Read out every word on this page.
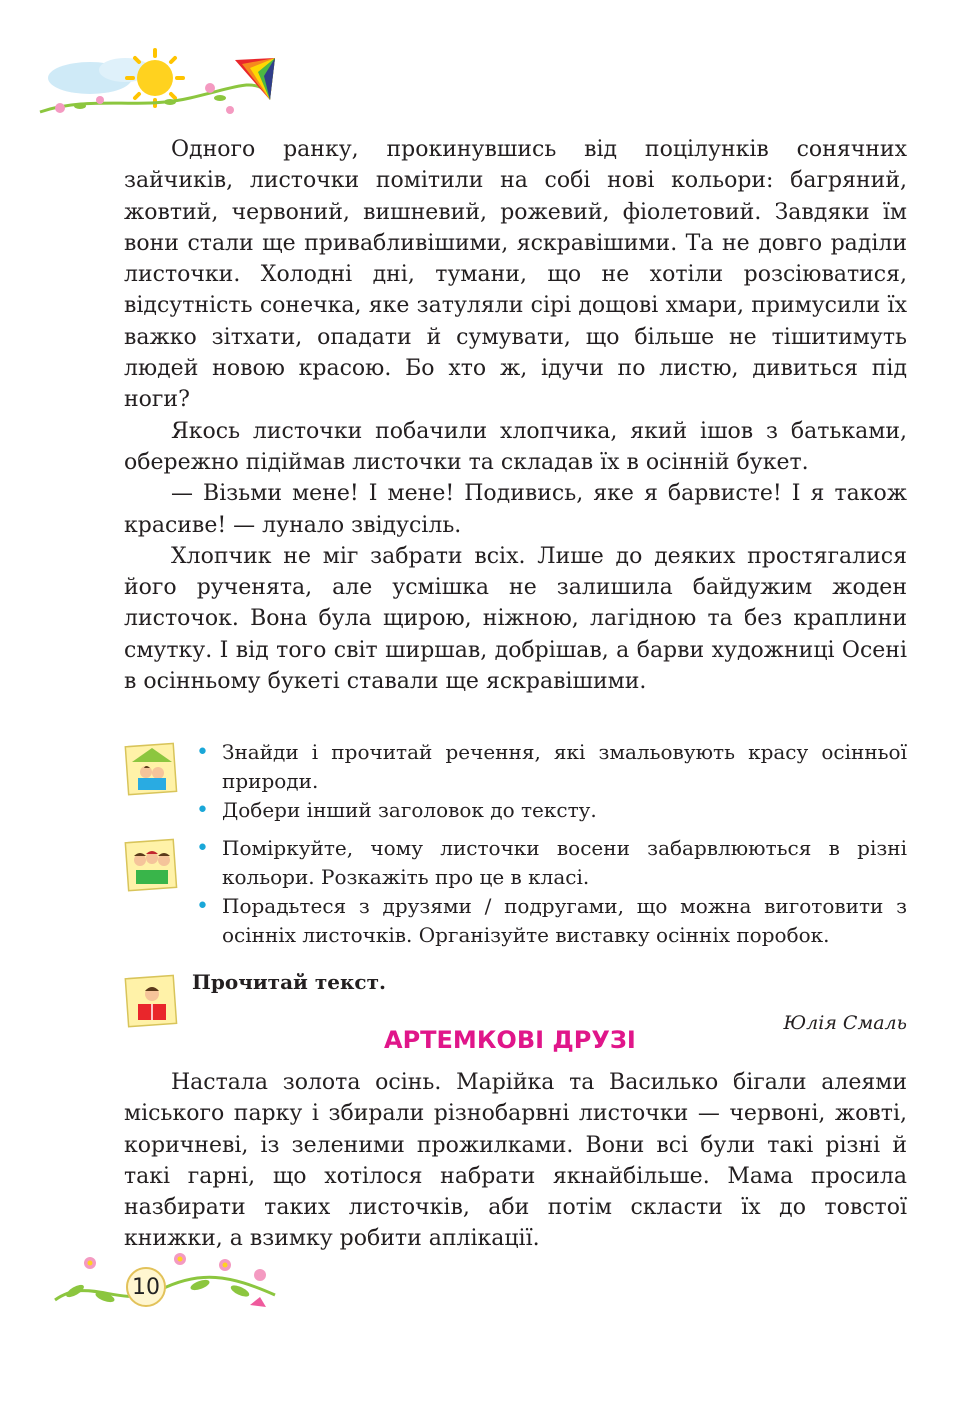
Одного ранку, прокинувшись від поцілунків сонячних зайчиків, листочки помітили на собі нові кольори: багряний, жовтий, червоний, вишневий, рожевий, фіолетовий. Завдяки їм вони стали ще привабливішими, яскравішими. Та не довго раділи листочки. Холодні дні, тумани, що не хотіли розсіюватися, відсутність сонечка, яке затуляли сірі дощові хмари, примусили їх важко зітхати, опадати й сумувати, що більше не тішитимуть людей новою красою. Бо хто ж, ідучи по листю, дивиться під ноги?

Якось листочки побачили хлопчика, який ішов з батьками, обережно підіймав листочки та складав їх в осінній букет.

— Візьми мене! І мене! Подивись, яке я барвисте! І я також красиве! — лунало звідусіль.

Хлопчик не міг забрати всіх. Лише до деяких простягалися його рученята, але усмішка не залишила байдужим жоден листочок. Вона була щирою, ніжною, лагідною та без краплини смутку. І від того світ ширшав, добрішав, а барви художниці Осені в осінньому букеті ставали ще яскравішими.

• Знайди і прочитай речення, які змальовують красу осінньої природи.
• Добери інший заголовок до тексту.
• Поміркуйте, чому листочки восени забарвлюються в різні кольори. Розкажіть про це в класі.
• Порадьтеся з друзями / подругами, що можна виготовити з осінніх листочків. Організуйте виставку осінніх поробок.
Прочитай текст.
Юлія Смаль
АРТЕМКОВІ ДРУЗІ

Настала золота осінь. Марійка та Василько бігали алеями міського парку і збирали різнобарвні листочки — червоні, жовті, коричневі, із зеленими прожилками. Вони всі були такі різні й такі гарні, що хотілося набрати якнайбільше. Мама просила назбирати таких листочків, аби потім скласти їх до товстої книжки, а взимку робити аплікації.

10
